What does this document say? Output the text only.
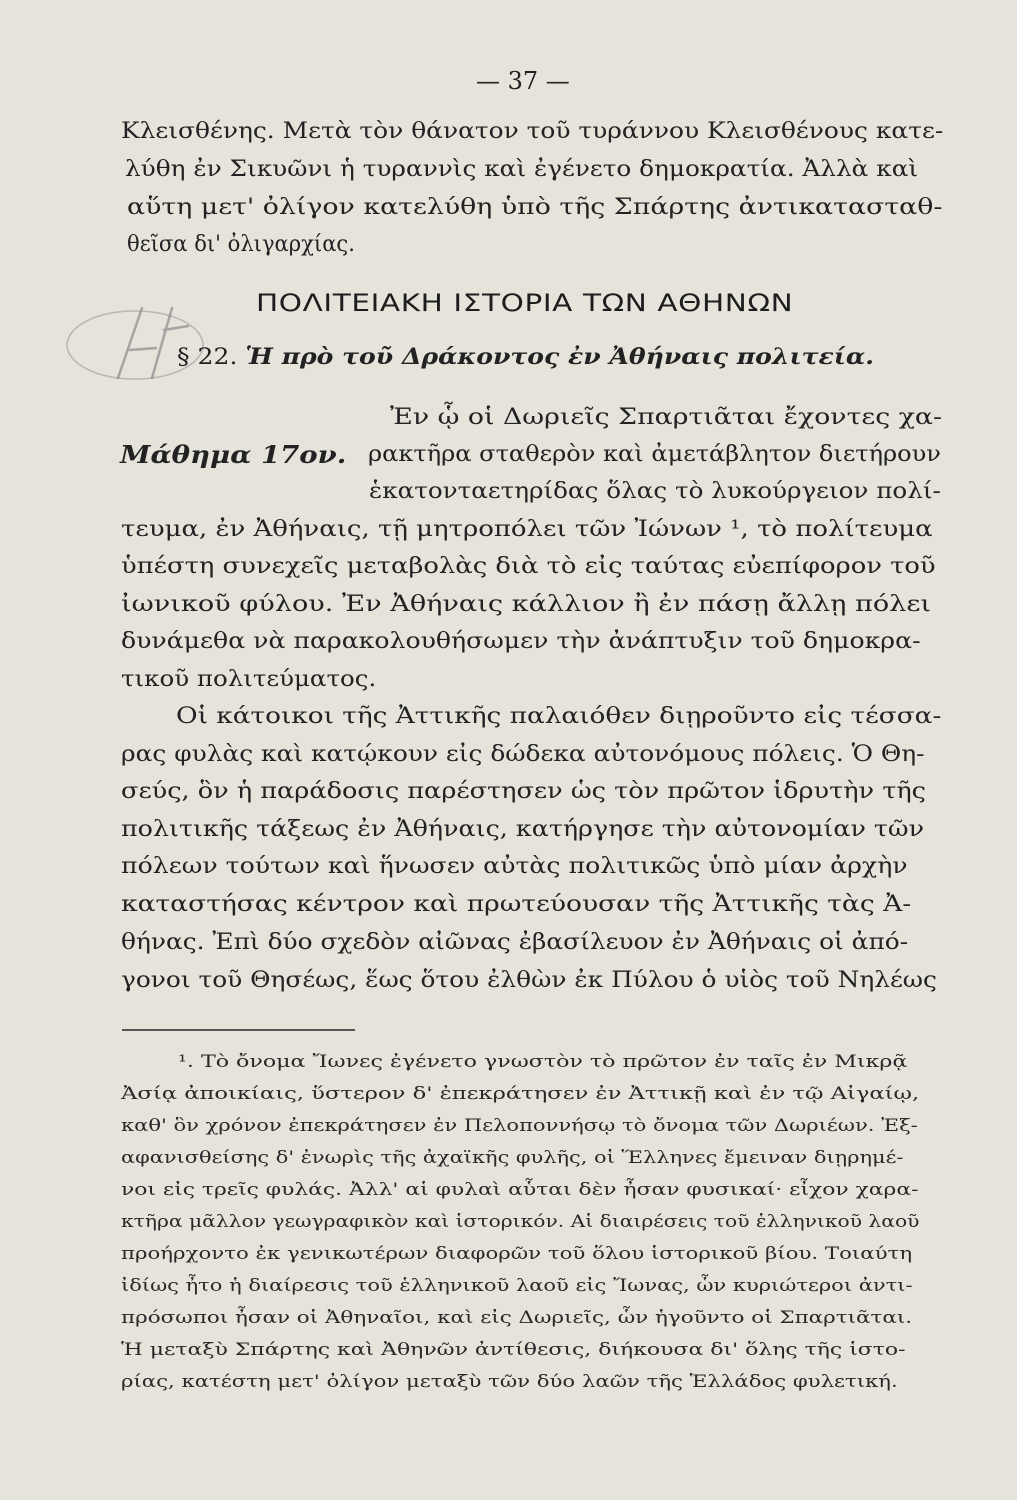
— 37 —
Κλεισθένης. Μετὰ τὸν θάνατον τοῦ τυράννου Κλεισθένους κατε-
λύθη ἐν Σικυῶνι ἡ τυραννὶς καὶ ἐγένετο δημοκρατία. Ἀλλὰ καὶ
αὕτη μετ' ὀλίγον κατελύθη ὑπὸ τῆς Σπάρτης ἀντικατασταθ-
θεῖσα δι' ὀλιγαρχίας.
ΠΟΛΙΤΕΙΑΚΗ ΙΣΤΟΡΙΑ ΤΩΝ ΑΘΗΝΩΝ
§ 22. Ἡ πρὸ τοῦ Δράκοντος ἐν Ἀθήναις πολιτεία.
Ἐν ᾧ οἱ Δωριεῖς Σπαρτιᾶται ἔχοντες χα-
Μάθημα 17ον. ρακτῆρα σταθερὸν καὶ ἀμετάβλητον διετήρουν
ἑκατονταετηρίδας ὅλας τὸ λυκούργειον πολί-
τευμα, ἐν Ἀθήναις, τῇ μητροπόλει τῶν Ἰώνων ¹, τὸ πολίτευμα
ὑπέστη συνεχεῖς μεταβολὰς διὰ τὸ εἰς ταύτας εὐεπίφορον τοῦ
ἰωνικοῦ φύλου. Ἐν Ἀθήναις κάλλιον ἢ ἐν πάσῃ ἄλλῃ πόλει
δυνάμεθα νὰ παρακολουθήσωμεν τὴν ἀνάπτυξιν τοῦ δημοκρα-
τικοῦ πολιτεύματος.
Οἱ κάτοικοι τῆς Ἀττικῆς παλαιόθεν διῃροῦντο εἰς τέσσα-
ρας φυλὰς καὶ κατῴκουν εἰς δώδεκα αὐτονόμους πόλεις. Ὁ Θη-
σεύς, ὃν ἡ παράδοσις παρέστησεν ὡς τὸν πρῶτον ἱδρυτὴν τῆς
πολιτικῆς τάξεως ἐν Ἀθήναις, κατήργησε τὴν αὐτονομίαν τῶν
πόλεων τούτων καὶ ἥνωσεν αὐτὰς πολιτικῶς ὑπὸ μίαν ἀρχὴν
καταστήσας κέντρον καὶ πρωτεύουσαν τῆς Ἀττικῆς τὰς Ἀ-
θήνας. Ἐπὶ δύο σχεδὸν αἰῶνας ἐβασίλευον ἐν Ἀθήναις οἱ ἀπό-
γονοι τοῦ Θησέως, ἕως ὅτου ἐλθὼν ἐκ Πύλου ὁ υἱὸς τοῦ Νηλέως
¹. Τὸ ὄνομα Ἴωνες ἐγένετο γνωστὸν τὸ πρῶτον ἐν ταῖς ἐν Μικρᾷ
Ἀσίᾳ ἀποικίαις, ὕστερον δ' ἐπεκράτησεν ἐν Ἀττικῇ καὶ ἐν τῷ Αἰγαίῳ,
καθ' ὃν χρόνον ἐπεκράτησεν ἐν Πελοποννήσῳ τὸ ὄνομα τῶν Δωριέων. Ἐξ-
αφανισθείσης δ' ἐνωρὶς τῆς ἀχαϊκῆς φυλῆς, οἱ Ἕλληνες ἔμειναν διῃρημέ-
νοι εἰς τρεῖς φυλάς. Ἀλλ' αἱ φυλαὶ αὗται δὲν ἦσαν φυσικαί· εἶχον χαρα-
κτῆρα μᾶλλον γεωγραφικὸν καὶ ἱστορικόν. Αἱ διαιρέσεις τοῦ ἑλληνικοῦ λαοῦ
προήρχοντο ἐκ γενικωτέρων διαφορῶν τοῦ ὅλου ἱστορικοῦ βίου. Τοιαύτη
ἰδίως ἦτο ἡ διαίρεσις τοῦ ἑλληνικοῦ λαοῦ εἰς Ἴωνας, ὧν κυριώτεροι ἀντι-
πρόσωποι ἦσαν οἱ Ἀθηναῖοι, καὶ εἰς Δωριεῖς, ὧν ἡγοῦντο οἱ Σπαρτιᾶται.
Ἡ μεταξὺ Σπάρτης καὶ Ἀθηνῶν ἀντίθεσις, διήκουσα δι' ὅλης τῆς ἱστο-
ρίας, κατέστη μετ' ὀλίγον μεταξὺ τῶν δύο λαῶν τῆς Ἑλλάδος φυλετική.
